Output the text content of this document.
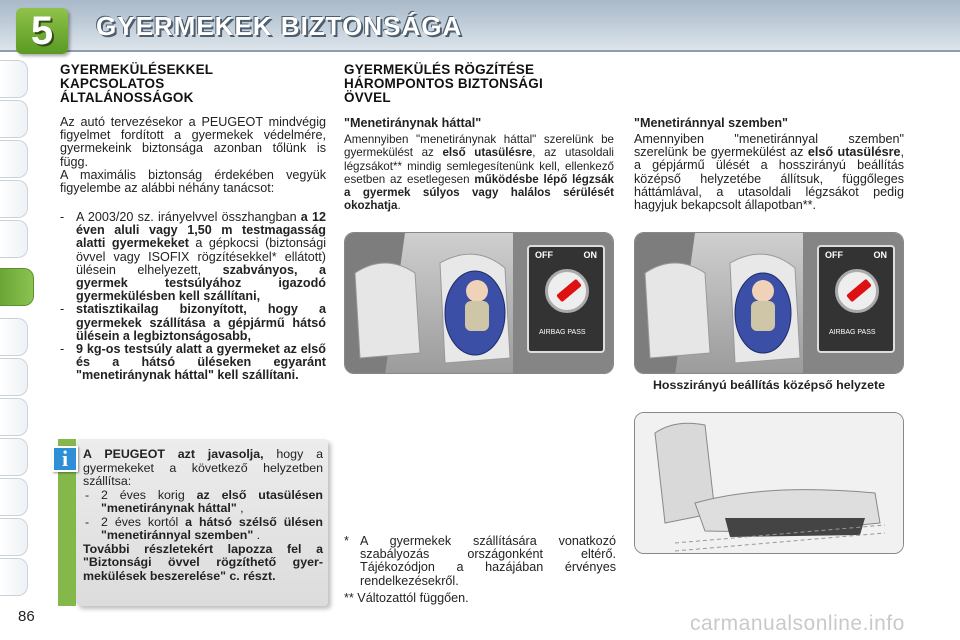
5	GYERMEKEK BIZTONSÁGA
GYERMEKÜLÉSEKKEL
KAPCSOLATOS
ÁLTALÁNOSSÁGOK
Az autó tervezésekor a PEUGEOT mindvégig figyelmet fordított a gyermekek védelmére, gyermekeink biztonsága azonban tőlünk is függ.
A maximális biztonság érdekében vegyük figyelembe az alábbi néhány tanácsot:
- A 2003/20 sz. irányelvvel összhangban a 12 éven aluli vagy 1,50 m testmagasság alatti gyermekeket a gépkocsi (biztonsági övvel vagy ISOFIX rögzítésekkel* ellátott) ülésein elhelyezett, szabványos, a gyermek testsúlyához igazodó gyermekülésben kell szállítani,
- statisztikailag bizonyított, hogy a gyermekek szállítása a gépjármű hátsó ülésein a legbiztonságosabb,
- 9 kg-os testsúly alatt a gyermeket az első és a hátsó üléseken egyaránt "menetiránynak háttal" kell szállítani.
i	A PEUGEOT azt javasolja, hogy a gyermekeket a következő helyzetben szállítsa:
- 2 éves korig az első utasülésen "menetiránynak háttal" ,
- 2 éves kortól a hátsó szélső ülésen "menetiránnyal szemben" .
További részletekért lapozza fel a "Biztonsági övvel rögzíthető gyermekülések beszerelése" c. részt.
GYERMEKÜLÉS RÖGZÍTÉSE
HÁROMPONTOS BIZTONSÁGI
ÖVVEL
"Menetiránynak háttal"
Amennyiben "menetiránynak háttal" szerelünk be gyermekülést az első utasülésre, az utasoldali légzsákot** mindig semlegesítenünk kell, ellenkező esetben az esetlegesen működésbe lépő légzsák a gyermek súlyos vagy halálos sérülését okozhatja.
"Menetiránnyal szemben"
Amennyiben "menetiránnyal szemben" szerelünk be gyermekülést az első utasülésre, a gépjármű ülését a hosszirányú beállítás középső helyzetébe állítsuk, függőleges háttámlával, a utasoldali légzsákot pedig hagyjuk bekapcsolt állapotban**.
OFF	ON
AIRBAG PASS
OFF	ON
AIRBAG PASS
Hosszirányú beállítás középső helyzete
* A gyermekek szállítására vonatkozó szabályozás országonként eltérő. Tájékozódjon a hazájában érvényes rendelkezésekről.
** Változattól függően.
86	carmanualsonline.info
